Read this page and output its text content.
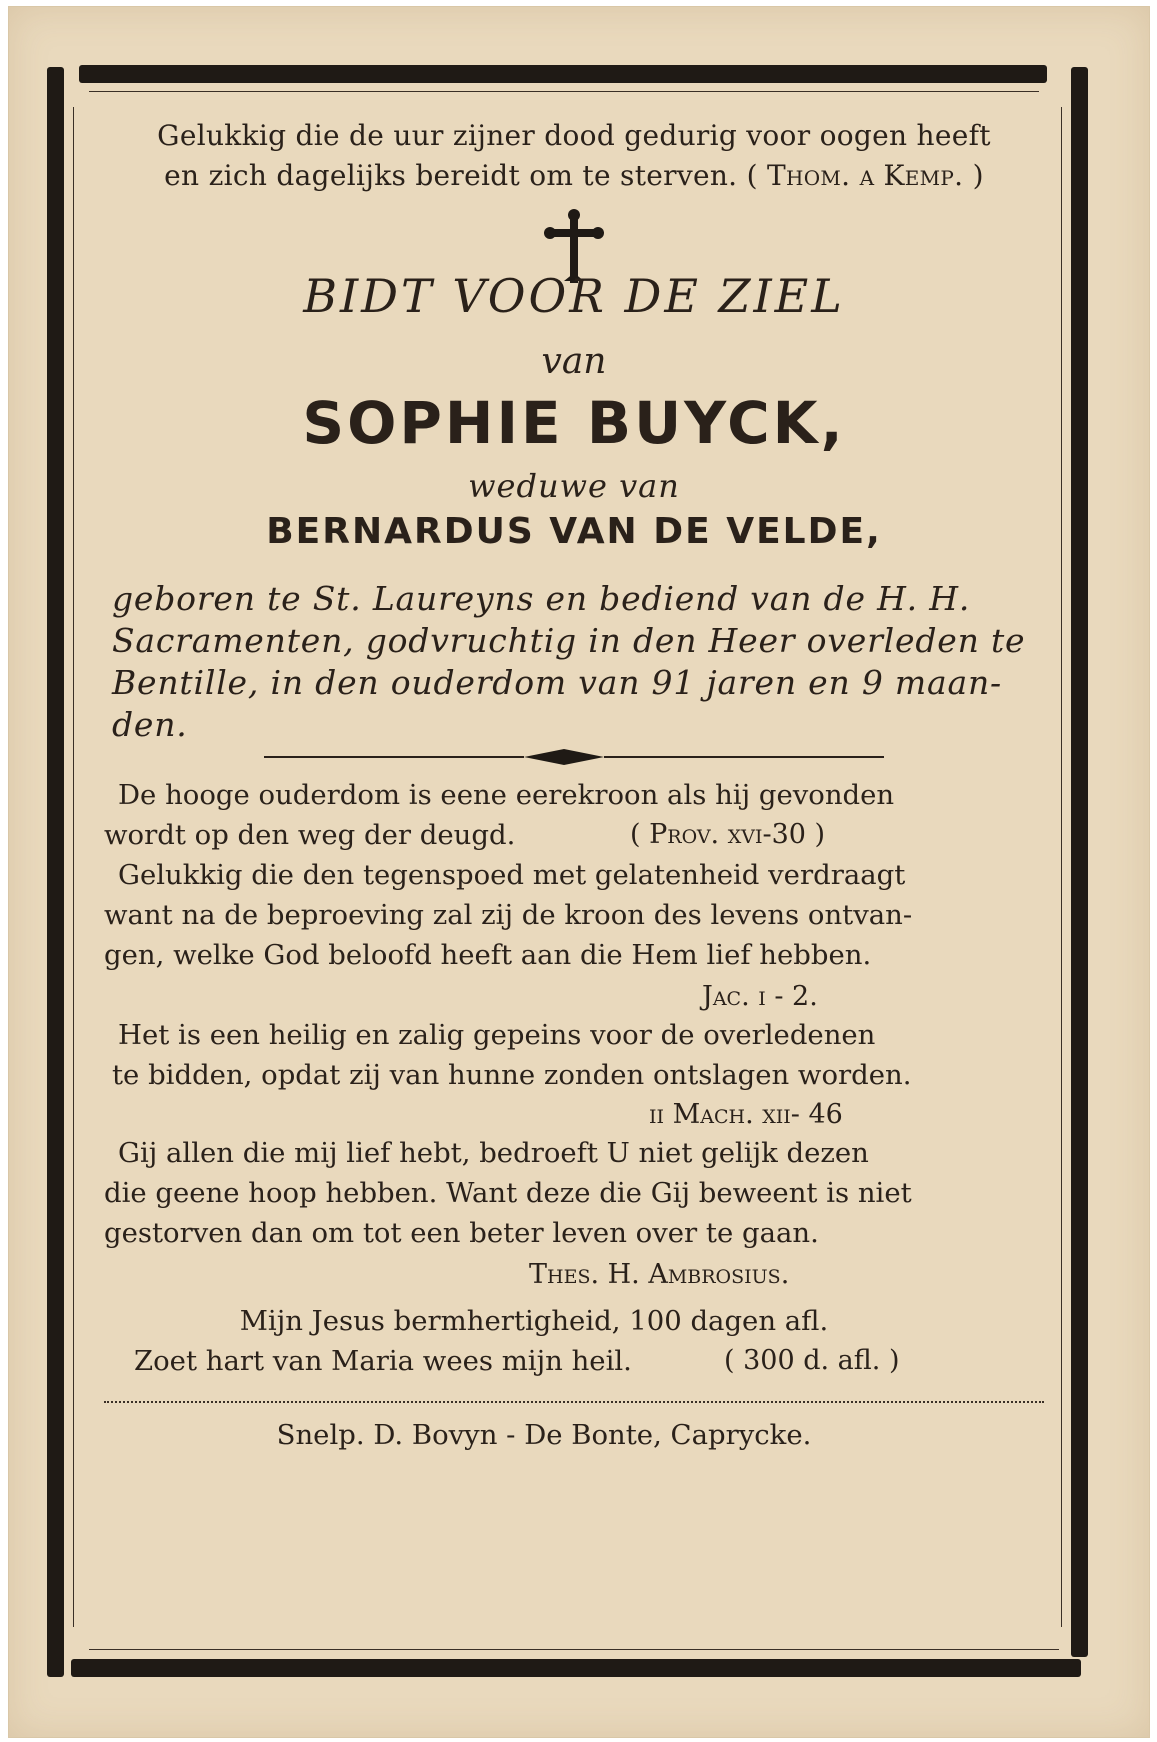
Gelukkig die de uur zijner dood gedurig voor oogen heeft
en zich dagelijks bereidt om te sterven. ( Thom. a Kemp. )
BIDT VOOR DE ZIEL
van
SOPHIE BUYCK,
weduwe van
BERNARDUS VAN DE VELDE,
geboren te St. Laureyns en bediend van de H. H.
Sacramenten, godvruchtig in den Heer overleden te
Bentille, in den ouderdom van 91 jaren en 9 maan-
den.
De hooge ouderdom is eene eerekroon als hij gevonden
wordt op den weg der deugd.	( Prov. xvi-30 )
Gelukkig die den tegenspoed met gelatenheid verdraagt
want na de beproeving zal zij de kroon des levens ontvan-
gen, welke God beloofd heeft aan die Hem lief hebben.
Jac. i - 2.
Het is een heilig en zalig gepeins voor de overledenen
te bidden, opdat zij van hunne zonden ontslagen worden.
ii Mach. xii- 46
Gij allen die mij lief hebt, bedroeft U niet gelijk dezen
die geene hoop hebben. Want deze die Gij beweent is niet
gestorven dan om tot een beter leven over te gaan.
Thes. H. Ambrosius.
Mijn Jesus bermhertigheid, 100 dagen afl.
Zoet hart van Maria wees mijn heil.	( 300 d. afl. )
Snelp. D. Bovyn - De Bonte, Caprycke.
